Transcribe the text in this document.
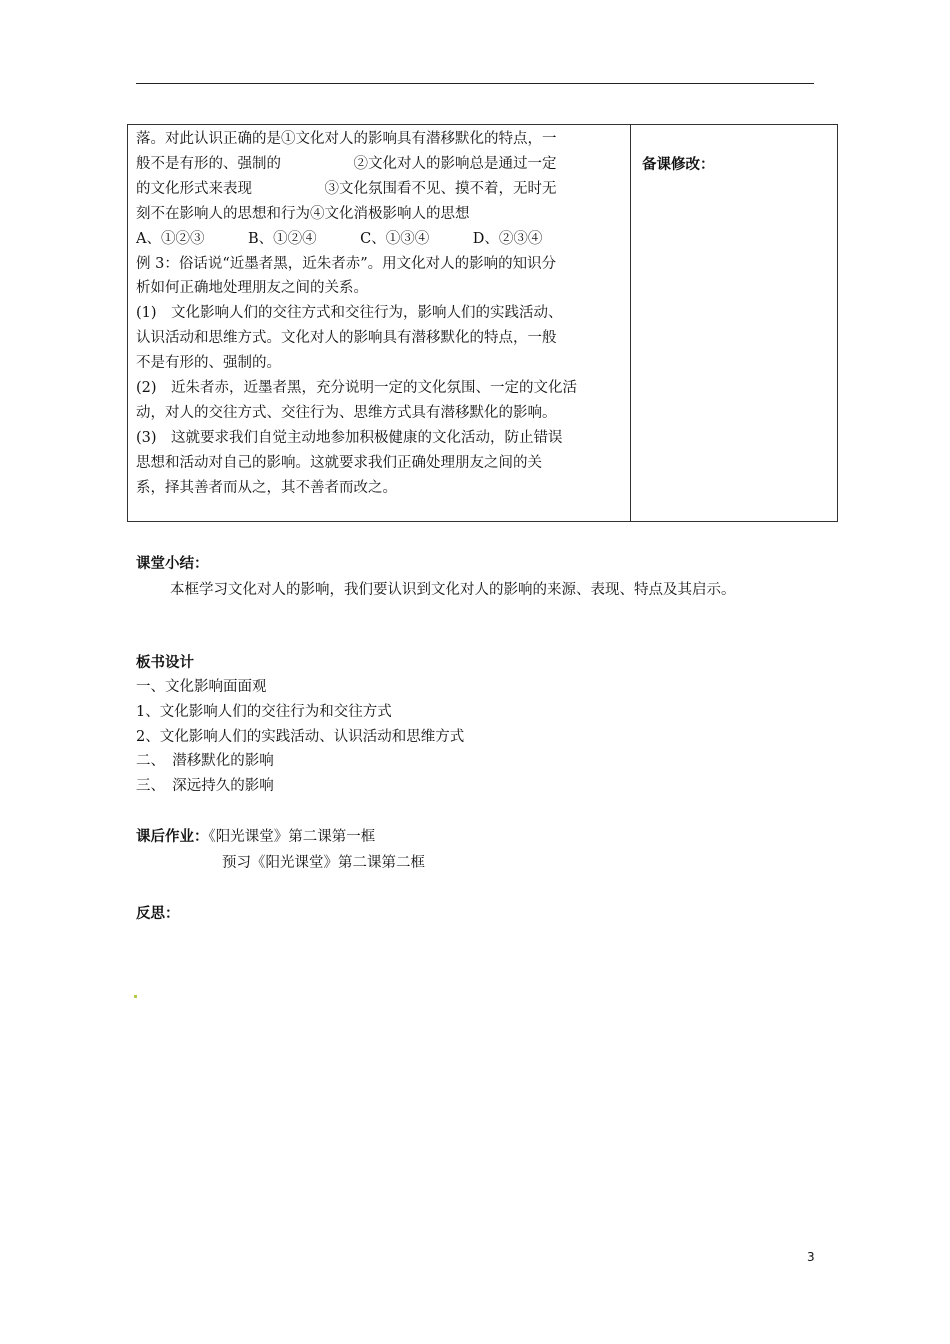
落。对此认识正确的是①文化对人的影响具有潜移默化的特点，一

般不是有形的、强制的　　　　　②文化对人的影响总是通过一定

的文化形式来表现　　　　　③文化氛围看不见、摸不着，无时无

刻不在影响人的思想和行为④文化消极影响人的思想

A、①②③　　　B、①②④　　　C、①③④　　　D、②③④

例 3：俗话说“近墨者黑，近朱者赤”。用文化对人的影响的知识分

析如何正确地处理朋友之间的关系。

(1)　文化影响人们的交往方式和交往行为，影响人们的实践活动、

认识活动和思维方式。文化对人的影响具有潜移默化的特点，一般

不是有形的、强制的。

(2)　近朱者赤，近墨者黑，充分说明一定的文化氛围、一定的文化活

动，对人的交往方式、交往行为、思维方式具有潜移默化的影响。

(3)　这就要求我们自觉主动地参加积极健康的文化活动，防止错误

思想和活动对自己的影响。这就要求我们正确处理朋友之间的关

系，择其善者而从之，其不善者而改之。

备课修改：
课堂小结：
本框学习文化对人的影响，我们要认识到文化对人的影响的来源、表现、特点及其启示。
板书设计
一、文化影响面面观
1、文化影响人们的交往行为和交往方式
2、文化影响人们的实践活动、认识活动和思维方式
二、　潜移默化的影响
三、　深远持久的影响
课后作业：《阳光课堂》第二课第一框
预习《阳光课堂》第二课第二框
反思：
3
